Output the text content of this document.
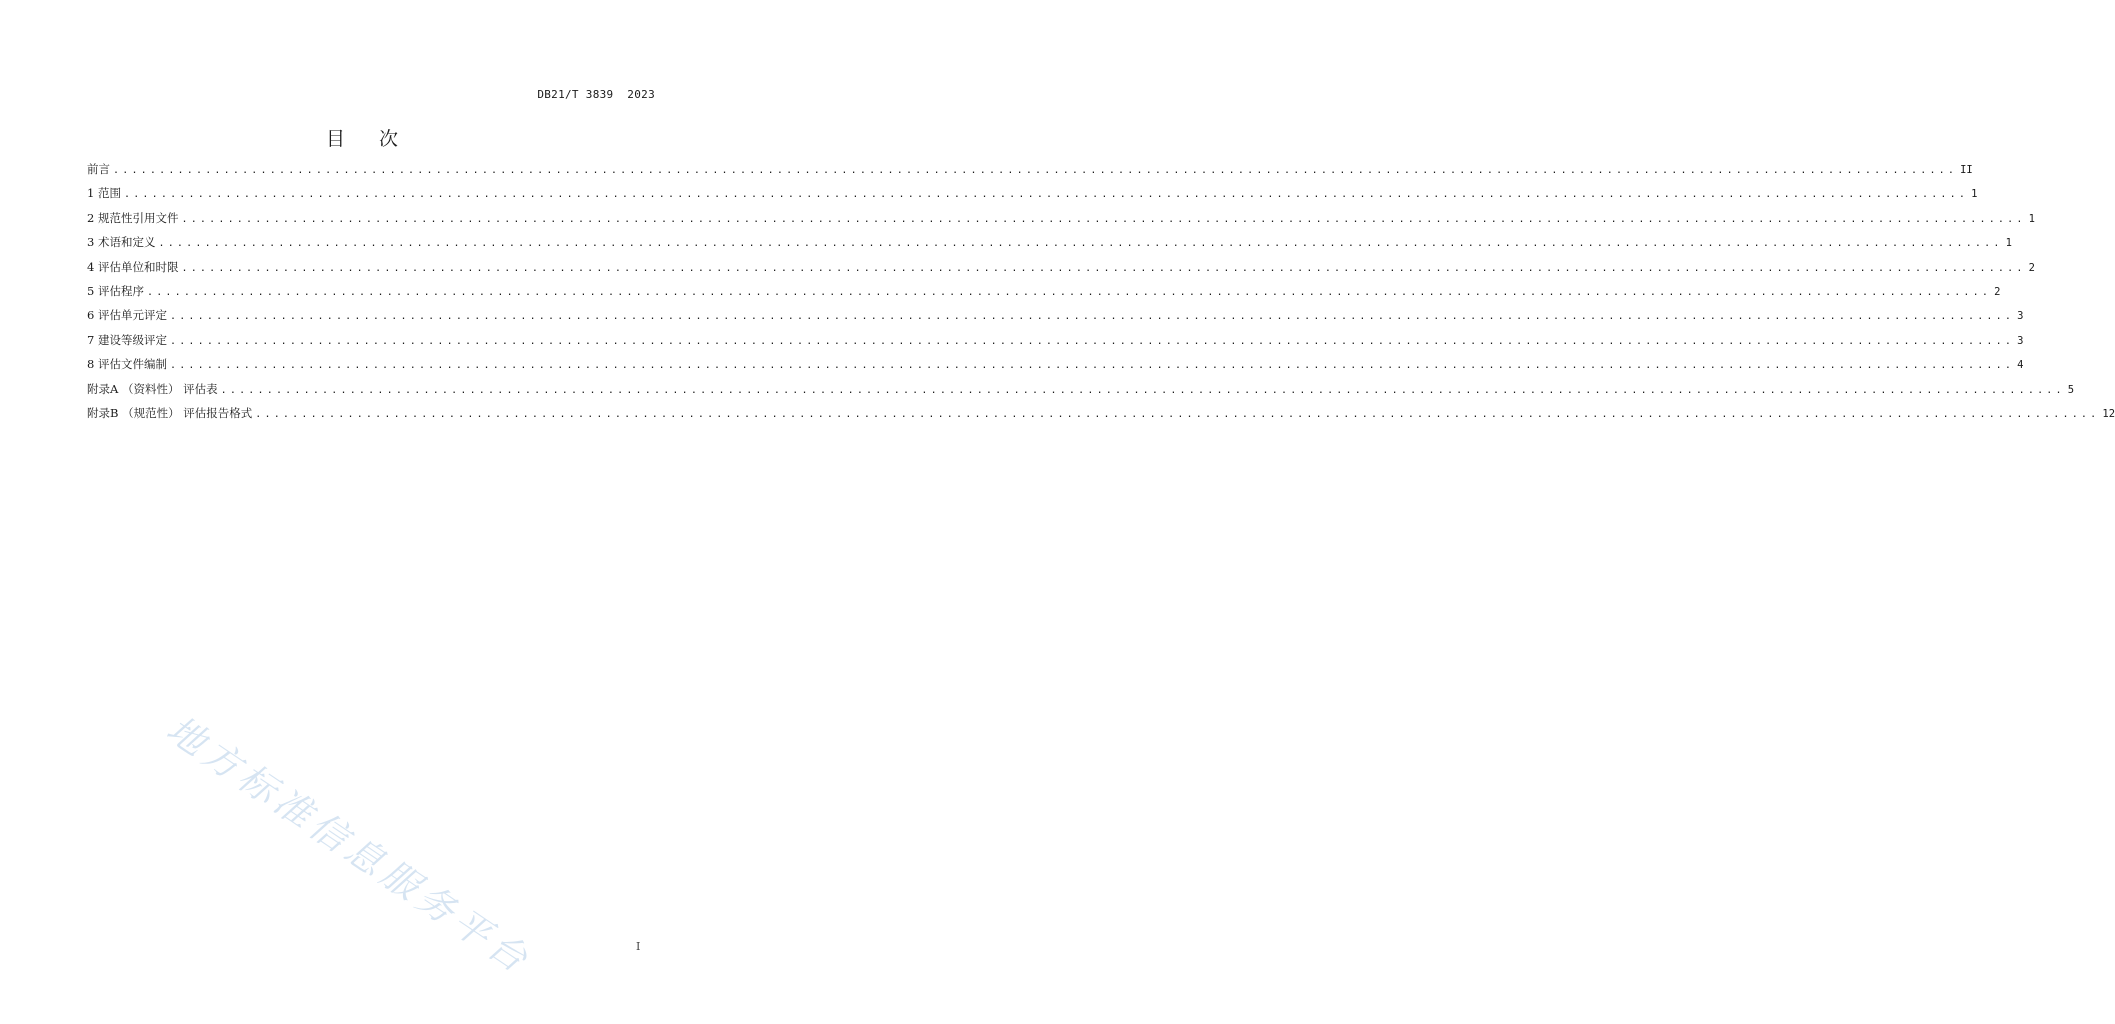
DB21/T 3839  2023
目次
前言 ........................................................................................................................................................................................................ II
1 范围 ........................................................................................................................................................................................................ 1
2 规范性引用文件 ........................................................................................................................................................................................................ 1
3 术语和定义 ........................................................................................................................................................................................................ 1
4 评估单位和时限 ........................................................................................................................................................................................................ 2
5 评估程序 ........................................................................................................................................................................................................ 2
6 评估单元评定 ........................................................................................................................................................................................................ 3
7 建设等级评定 ........................................................................................................................................................................................................ 3
8 评估文件编制 ........................................................................................................................................................................................................ 4
附录A （资料性） 评估表 ........................................................................................................................................................................................................ 5
附录B （规范性） 评估报告格式 ........................................................................................................................................................................................................ 12
地方标准信息服务平台	I
